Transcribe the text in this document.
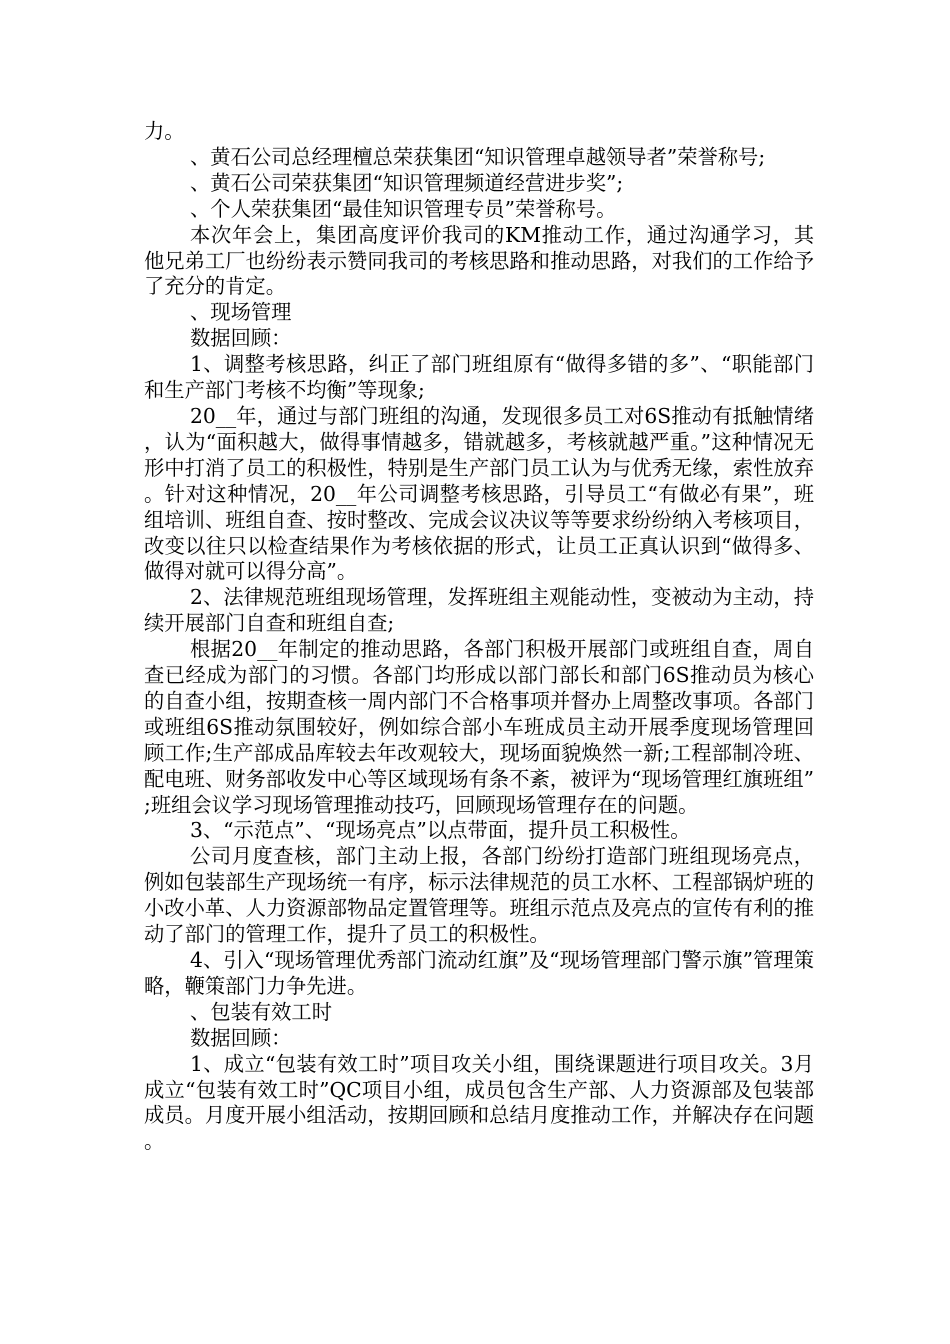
力。

、黄石公司总经理檀总荣获集团“知识管理卓越领导者”荣誉称号;

、黄石公司荣获集团“知识管理频道经营进步奖”;

、个人荣获集团“最佳知识管理专员”荣誉称号。

本次年会上，集团高度评价我司的KM推动工作，通过沟通学习，其他兄弟工厂也纷纷表示赞同我司的考核思路和推动思路，对我们的工作给予了充分的肯定。

、现场管理

数据回顾：

1、调整考核思路，纠正了部门班组原有“做得多错的多”、“职能部门和生产部门考核不均衡”等现象;

20__年，通过与部门班组的沟通，发现很多员工对6S推动有抵触情绪，认为“面积越大，做得事情越多，错就越多，考核就越严重。”这种情况无形中打消了员工的积极性，特别是生产部门员工认为与优秀无缘，索性放弃。针对这种情况，20__年公司调整考核思路，引导员工“有做必有果”，班组培训、班组自查、按时整改、完成会议决议等等要求纷纷纳入考核项目，改变以往只以检查结果作为考核依据的形式，让员工正真认识到“做得多、做得对就可以得分高”。

2、法律规范班组现场管理，发挥班组主观能动性，变被动为主动，持续开展部门自查和班组自查;

根据20__年制定的推动思路，各部门积极开展部门或班组自查，周自查已经成为部门的习惯。各部门均形成以部门部长和部门6S推动员为核心的自查小组，按期查核一周内部门不合格事项并督办上周整改事项。各部门或班组6S推动氛围较好，例如综合部小车班成员主动开展季度现场管理回顾工作;生产部成品库较去年改观较大，现场面貌焕然一新;工程部制冷班、配电班、财务部收发中心等区域现场有条不紊，被评为“现场管理红旗班组”;班组会议学习现场管理推动技巧，回顾现场管理存在的问题。

3、“示范点”、“现场亮点”以点带面，提升员工积极性。

公司月度查核，部门主动上报，各部门纷纷打造部门班组现场亮点，例如包装部生产现场统一有序，标示法律规范的员工水杯、工程部锅炉班的小改小革、人力资源部物品定置管理等。班组示范点及亮点的宣传有利的推动了部门的管理工作，提升了员工的积极性。

4、引入“现场管理优秀部门流动红旗”及“现场管理部门警示旗”管理策略，鞭策部门力争先进。

、包装有效工时

数据回顾：

1、成立“包装有效工时”项目攻关小组，围绕课题进行项目攻关。3月成立“包装有效工时”QC项目小组，成员包含生产部、人力资源部及包装部成员。月度开展小组活动，按期回顾和总结月度推动工作，并解决存在问题。
